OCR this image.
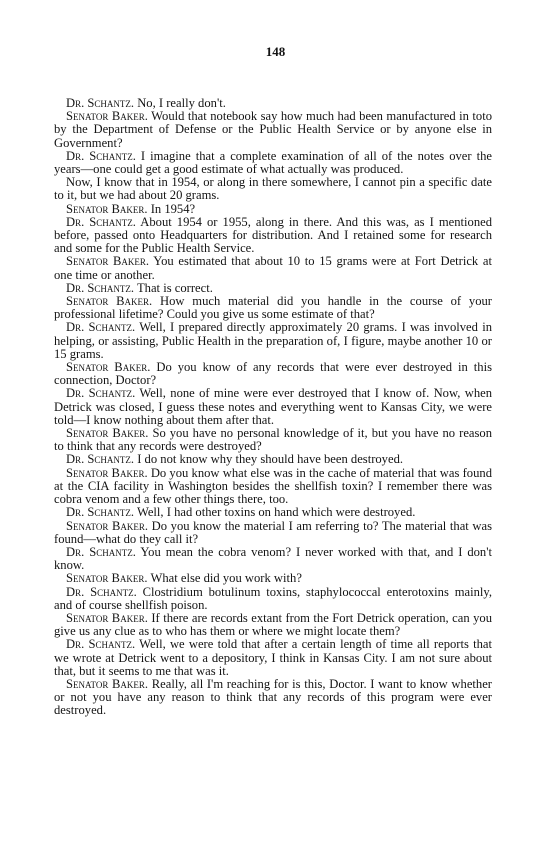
148

Dr. Schantz. No, I really don't.

Senator Baker. Would that notebook say how much had been manufactured in toto by the Department of Defense or the Public Health Service or by anyone else in Government?

Dr. Schantz. I imagine that a complete examination of all of the notes over the years—one could get a good estimate of what actually was produced.

Now, I know that in 1954, or along in there somewhere, I cannot pin a specific date to it, but we had about 20 grams.

Senator Baker. In 1954?

Dr. Schantz. About 1954 or 1955, along in there. And this was, as I mentioned before, passed onto Headquarters for distribution. And I retained some for research and some for the Public Health Service.

Senator Baker. You estimated that about 10 to 15 grams were at Fort Detrick at one time or another.

Dr. Schantz. That is correct.

Senator Baker. How much material did you handle in the course of your professional lifetime? Could you give us some estimate of that?

Dr. Schantz. Well, I prepared directly approximately 20 grams. I was involved in helping, or assisting, Public Health in the preparation of, I figure, maybe another 10 or 15 grams.

Senator Baker. Do you know of any records that were ever destroyed in this connection, Doctor?

Dr. Schantz. Well, none of mine were ever destroyed that I know of. Now, when Detrick was closed, I guess these notes and everything went to Kansas City, we were told—I know nothing about them after that.

Senator Baker. So you have no personal knowledge of it, but you have no reason to think that any records were destroyed?

Dr. Schantz. I do not know why they should have been destroyed.

Senator Baker. Do you know what else was in the cache of material that was found at the CIA facility in Washington besides the shellfish toxin? I remember there was cobra venom and a few other things there, too.

Dr. Schantz. Well, I had other toxins on hand which were destroyed.

Senator Baker. Do you know the material I am referring to? The material that was found—what do they call it?

Dr. Schantz. You mean the cobra venom? I never worked with that, and I don't know.

Senator Baker. What else did you work with?

Dr. Schantz. Clostridium botulinum toxins, staphylococcal enterotoxins mainly, and of course shellfish poison.

Senator Baker. If there are records extant from the Fort Detrick operation, can you give us any clue as to who has them or where we might locate them?

Dr. Schantz. Well, we were told that after a certain length of time all reports that we wrote at Detrick went to a depository, I think in Kansas City. I am not sure about that, but it seems to me that was it.

Senator Baker. Really, all I'm reaching for is this, Doctor. I want to know whether or not you have any reason to think that any records of this program were ever destroyed.
